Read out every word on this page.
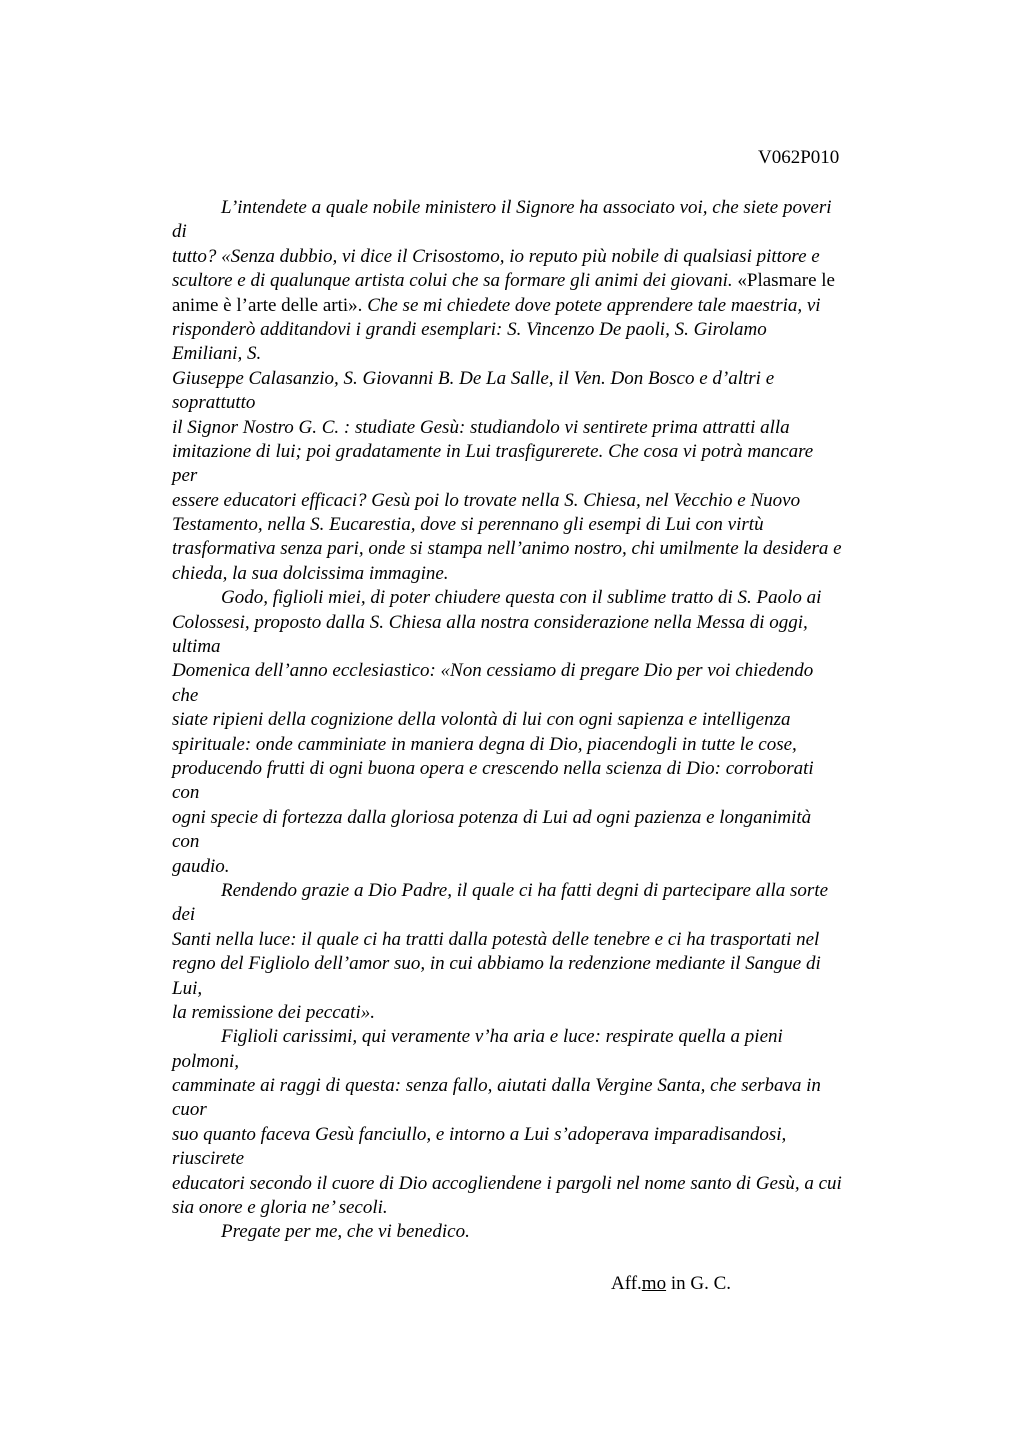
V062P010
L’intendete a quale nobile ministero il Signore ha associato voi, che siete poveri
di
tutto? «Senza dubbio, vi dice il Crisostomo, io reputo più nobile di qualsiasi pittore e
scultore e di qualunque artista colui che sa formare gli animi dei giovani. «Plasmare le
anime è l’arte delle arti». Che se mi chiedete dove potete apprendere tale maestria, vi
risponderò additandovi i grandi esemplari: S. Vincenzo De paoli, S. Girolamo
Emiliani, S.
Giuseppe Calasanzio, S. Giovanni B. De La Salle, il Ven. Don Bosco e d’altri e
soprattutto
il Signor Nostro G. C. : studiate Gesù: studiandolo vi sentirete prima attratti alla
imitazione di lui; poi gradatamente in Lui trasfigurerete. Che cosa vi potrà mancare
per
essere educatori efficaci? Gesù poi lo trovate nella S. Chiesa, nel Vecchio e Nuovo
Testamento, nella S. Eucarestia, dove si perennano gli esempi di Lui con virtù
trasformativa senza pari, onde si stampa nell’animo nostro, chi umilmente la desidera e
chieda, la sua dolcissima immagine.
Godo, figlioli miei, di poter chiudere questa con il sublime tratto di S. Paolo ai
Colossesi, proposto dalla S. Chiesa alla nostra considerazione nella Messa di oggi,
ultima
Domenica dell’anno ecclesiastico: «Non cessiamo di pregare Dio per voi chiedendo
che
siate ripieni della cognizione della volontà di lui con ogni sapienza e intelligenza
spirituale: onde camminiate in maniera degna di Dio, piacendogli in tutte le cose,
producendo frutti di ogni buona opera e crescendo nella scienza di Dio: corroborati
con
ogni specie di fortezza dalla gloriosa potenza di Lui ad ogni pazienza e longanimità
con
gaudio.
Rendendo grazie a Dio Padre, il quale ci ha fatti degni di partecipare alla sorte
dei
Santi nella luce: il quale ci ha tratti dalla potestà delle tenebre e ci ha trasportati nel
regno del Figliolo dell’amor suo, in cui abbiamo la redenzione mediante il Sangue di
Lui,
la remissione dei peccati».
Figlioli carissimi, qui veramente v’ha aria e luce: respirate quella a pieni
polmoni,
camminate ai raggi di questa: senza fallo, aiutati dalla Vergine Santa, che serbava in
cuor
suo quanto faceva Gesù fanciullo, e intorno a Lui s’adoperava imparadisandosi,
riuscirete
educatori secondo il cuore di Dio accogliendene i pargoli nel nome santo di Gesù, a cui
sia onore e gloria ne’ secoli.
Pregate per me, che vi benedico.
Aff.mo in G. C.
